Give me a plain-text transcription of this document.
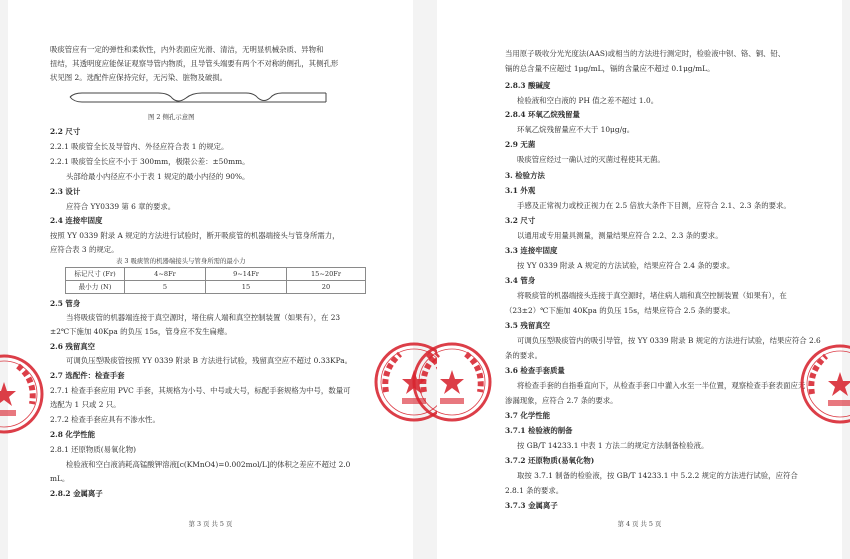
吸痰管应有一定的弹性和柔软性，内外表面应光滑、清洁，无明显机械杂质、异物和
扭结，其透明度应能保证观察导管内物质，且导管头端要有两个不对称的侧孔，其侧孔形
状见图 2。选配件应保持完好，无污染、脏物及破损。
图 2 侧孔示意图
2.2 尺寸
2.2.1 吸痰管全长及导管内、外径应符合表 1 的规定。
2.2.1 吸痰管全长应不小于 300mm，极限公差：±50mm。
头部给最小内径应不小于表 1 规定的最小内径的 90%。
2.3 设计
应符合 YY0339 第 6 章的要求。
2.4 连接牢固度
按照 YY 0339 附录 A 规定的方法进行试验时，断开吸痰管的机器端接头与管身所需力，
应符合表 3 的规定。
表 3 吸痰管的机器端接头与管身所需的最小力
标记尺寸 (Fr)	4~8Fr	9~14Fr	15~20Fr
最小力 (N)	5	15	20
2.5 管身
当将吸痰管的机器端连接于真空源时，堵住病人端和真空控制装置（如果有），在 23
±2℃下施加 40Kpa 的负压 15s，管身应不发生扁瘪。
2.6 残留真空
可调负压型吸痰管按照 YY 0339 附录 B 方法进行试验，残留真空应不超过 0.33KPa。
2.7 选配件：检查手套
2.7.1 检查手套应用 PVC 手套，其规格为小号、中号或大号，标配手套规格为中号，数量可
选配为 1 只或 2 只。
2.7.2 检查手套应具有不渗水性。
2.8 化学性能
2.8.1 还原物质(易氧化物)
检验液和空白液消耗高锰酸钾溶液[c(KMnO4)=0.002mol/L]的体积之差应不超过 2.0
mL。
2.8.2 金属离子
第 3 页 共 5 页
当用原子吸收分光光度法(AAS)或相当的方法进行测定时，检验液中钡、铬、铜、铅、
镉的总含量不应超过 1μg/mL，镉的含量应不超过 0.1μg/mL。
2.8.3 酸碱度
检验液和空白液的 PH 值之差不超过 1.0。
2.8.4 环氧乙烷残留量
环氧乙烷残留量应不大于 10μg/g。
2.9 无菌
吸痰管应经过一确认过的灭菌过程使其无菌。
3. 检验方法
3.1 外观
手感及正常视力或校正视力在 2.5 倍放大条件下目测，应符合 2.1、2.3 条的要求。
3.2 尺寸
以通用或专用量具测量，测量结果应符合 2.2、2.3 条的要求。
3.3 连接牢固度
按 YY 0339 附录 A 规定的方法试验，结果应符合 2.4 条的要求。
3.4 管身
将吸痰管的机器端接头连接于真空源时，堵住病人端和真空控制装置（如果有），在
（23±2）℃下施加 40Kpa 的负压 15s，结果应符合 2.5 条的要求。
3.5 残留真空
可调负压型吸痰管内的吸引导管，按 YY 0339 附录 B 规定的方法进行试验，结果应符合 2.6
条的要求。
3.6 检查手套质量
将检查手套的自指垂直向下，从检查手套口中灌入水至一半位置，观察检查手套表面应无
渗漏现象，应符合 2.7 条的要求。
3.7 化学性能
3.7.1 检验液的制备
按 GB/T 14233.1 中表 1 方法二的规定方法制备检验液。
3.7.2 还原物质(易氧化物)
取按 3.7.1 制备的检验液，按 GB/T 14233.1 中 5.2.2 规定的方法进行试验，应符合
2.8.1 条的要求。
3.7.3 金属离子
第 4 页 共 5 页
